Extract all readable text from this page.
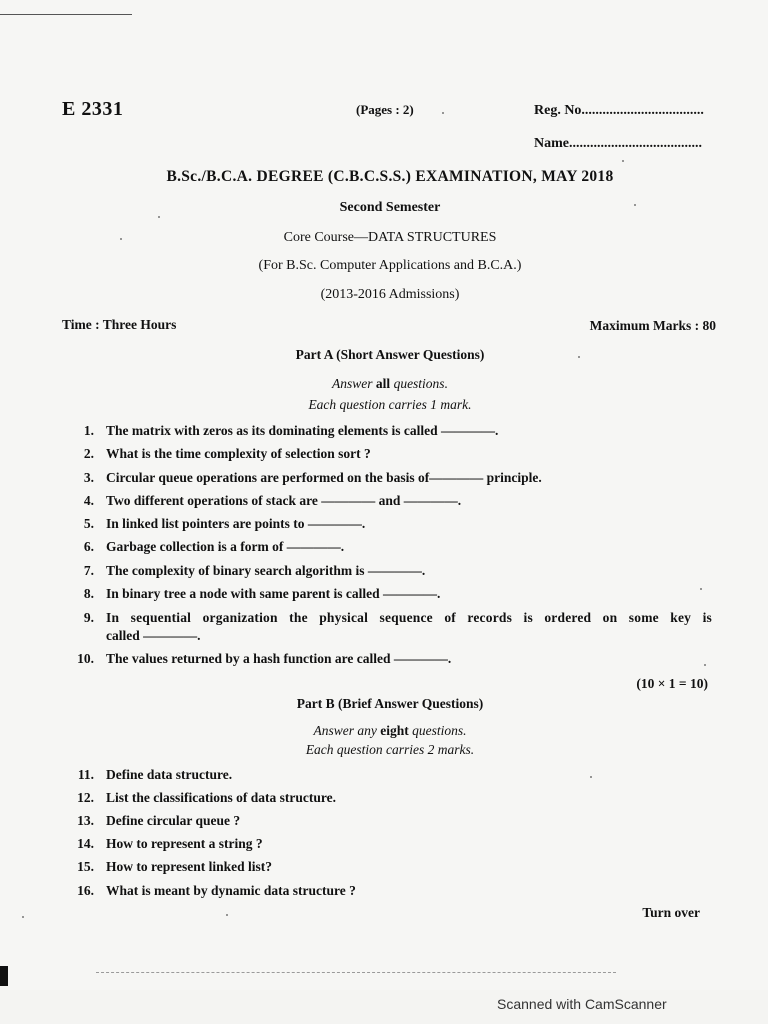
E 2331	(Pages : 2)	Reg. No...................................
Name......................................
B.Sc./B.C.A. DEGREE (C.B.C.S.S.) EXAMINATION, MAY 2018
Second Semester
Core Course—DATA STRUCTURES
(For B.Sc. Computer Applications and B.C.A.)
(2013-2016 Admissions)
Time : Three Hours	Maximum Marks : 80
Part A (Short Answer Questions)
Answer all questions.
Each question carries 1 mark.
1. The matrix with zeros as its dominating elements is called ————.
2. What is the time complexity of selection sort ?
3. Circular queue operations are performed on the basis of———— principle.
4. Two different operations of stack are ———— and ————.
5. In linked list pointers are points to ————.
6. Garbage collection is a form of ————.
7. The complexity of binary search algorithm is ————.
8. In binary tree a node with same parent is called ————.
9. In sequential organization the physical sequence of records is ordered on some key is
called ————.
10. The values returned by a hash function are called ————.
(10 × 1 = 10)
Part B (Brief Answer Questions)
Answer any eight questions.
Each question carries 2 marks.
11. Define data structure.
12. List the classifications of data structure.
13. Define circular queue ?
14. How to represent a string ?
15. How to represent linked list?
16. What is meant by dynamic data structure ?
Turn over
Scanned with CamScanner
